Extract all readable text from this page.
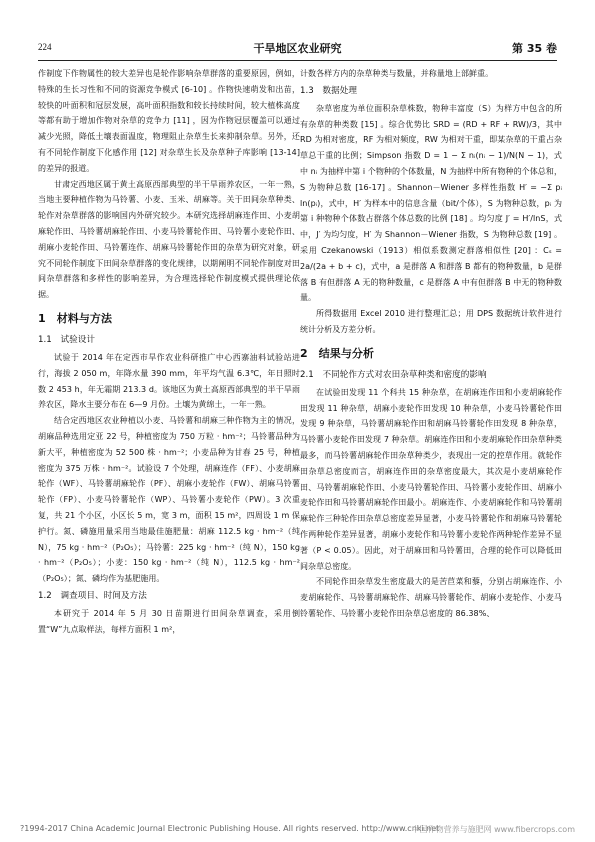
224	干旱地区农业研究	第 35 卷

作制度下作物属性的较大差异也是轮作影响杂草群落的重要原因，例如，特殊的生长习性和不同的资源竞争模式 [6-10] 。作物快速萌发和出苗，较快的叶面积和冠层发展，高叶面积指数和较长持续时间，较大植株高度等都有助于增加作物对杂草的竞争力 [11] ，因为作物冠层覆盖可以通过减少光照，降低土壤表面温度，物理阻止杂草生长来抑制杂草。另外，还有不同轮作制度下化感作用 [12] 对杂草生长及杂草种子库影响 [13-14] 的差异的报道。

甘肃定西地区属于黄土高原西部典型的半干旱雨养农区，一年一熟，当地主要种植作物为马铃薯、小麦、玉米、胡麻等。关于田间杂草种类、轮作对杂草群落的影响国内外研究较少。本研究选择胡麻连作田、小麦胡麻轮作田、马铃薯胡麻轮作田、小麦马铃薯轮作田、马铃薯小麦轮作田、胡麻小麦轮作田、马铃薯连作、胡麻马铃薯轮作田的杂草为研究对象，研究不同轮作制度下田间杂草群落的变化规律，以期阐明不同轮作制度对田间杂草群落和多样性的影响差异，为合理选择轮作制度模式提供理论依据。

1　材料与方法
1.1　试验设计

试验于 2014 年在定西市旱作农业科研推广中心西寨油料试验站进行，海拔 2 050 m，年降水量 390 mm，年平均气温 6.3℃，年日照时数 2 453 h，年无霜期 213.3 d。该地区为黄土高原西部典型的半干旱雨养农区，降水主要分布在 6—9 月份。土壤为黄绵土，一年一熟。

结合定西地区农业种植以小麦、马铃薯和胡麻三种作物为主的情况，胡麻品种选用定亚 22 号，种植密度为 750 万粒 · hm⁻²；马铃薯品种为新大平，种植密度为 52 500 株 · hm⁻²；小麦品种为甘春 25 号，种植密度为 375 万株 · hm⁻²。试验设 7 个处理，胡麻连作（FF）、小麦胡麻轮作（WF）、马铃薯胡麻轮作（PF）、胡麻小麦轮作（FW）、胡麻马铃薯轮作（FP）、小麦马铃薯轮作（WP）、马铃薯小麦轮作（PW）。3 次重复，共 21 个小区，小区长 5 m，宽 3 m，面积 15 m²，四周设 1 m 保护行。氮、磷施用量采用当地最佳施肥量：胡麻 112.5 kg · hm⁻²（纯 N），75 kg · hm⁻²（P₂O₅）；马铃薯：225 kg · hm⁻²（纯 N），150 kg · hm⁻²（P₂O₅）；小麦：150 kg · hm⁻²（纯 N），112.5 kg · hm⁻²（P₂O₅）；氮、磷均作为基肥施用。

1.2　调查项目、时间及方法

本研究于 2014 年 5 月 30 日苗期进行田间杂草调查，采用倒置“W”九点取样法，每样方面积 1 m²，

计数各样方内的杂草种类与数量，并称量地上部鲜重。

1.3　数据处理

杂草密度为单位面积杂草株数，物种丰富度（S）为样方中包含的所有杂草的种类数 [15] 。综合优势比 SRD = (RD + RF + RW)/3，其中 RD 为相对密度，RF 为相对频度，RW 为相对干重，即某杂草的干重占杂草总干重的比例；Simpson 指数 D = 1 − Σ nᵢ(nᵢ − 1)/N(N − 1)，式中 nᵢ 为抽样中第 i 个物种的个体数量，N 为抽样中所有物种的个体总和，S 为物种总数 [16-17] 。Shannon－Wiener 多样性指数 H′ = −Σ pᵢ ln(pᵢ)，式中，H′ 为样本中的信息含量（bit/个体），S 为物种总数，pᵢ 为第 i 种物种个体数占群落个体总数的比例 [18] 。均匀度 J′ = H′/lnS，式中，J′ 为均匀度，H′ 为 Shannon－Wiener 指数，S 为物种总数 [19] 。采用 Czekanowski（1913）相似系数测定群落相似性 [20] ：Cₛ = 2a/(2a + b + c)，式中，a 是群落 A 和群落 B 都有的物种数量，b 是群落 B 有但群落 A 无的物种数量，c 是群落 A 中有但群落 B 中无的物种数量。

所得数据用 Excel 2010 进行整理汇总；用 DPS 数据统计软件进行统计分析及方差分析。

2　结果与分析
2.1　不同轮作方式对农田杂草种类和密度的影响

在试验田发现 11 个科共 15 种杂草，在胡麻连作田和小麦胡麻轮作田发现 11 种杂草，胡麻小麦轮作田发现 10 种杂草，小麦马铃薯轮作田发现 9 种杂草，马铃薯胡麻轮作田和胡麻马铃薯轮作田发现 8 种杂草，马铃薯小麦轮作田发现 7 种杂草。胡麻连作田和小麦胡麻轮作田杂草种类最多，而马铃薯胡麻轮作田杂草种类少，表现出一定的控草作用。就轮作田杂草总密度而言，胡麻连作田的杂草密度最大，其次是小麦胡麻轮作田、马铃薯胡麻轮作田、小麦马铃薯轮作田、马铃薯小麦轮作田、胡麻小麦轮作田和马铃薯胡麻轮作田最小。胡麻连作、小麦胡麻轮作和马铃薯胡麻轮作三种轮作田杂草总密度差异显著，小麦马铃薯轮作和胡麻马铃薯轮作两种轮作差异显著，胡麻小麦轮作和马铃薯小麦轮作两种轮作差异不显著（P < 0.05）。因此，对于胡麻田和马铃薯田，合理的轮作可以降低田间杂草总密度。

不同轮作田杂草发生密度最大的是苦苣菜和藜，分别占胡麻连作、小麦胡麻轮作、马铃薯胡麻轮作、胡麻马铃薯轮作、胡麻小麦轮作、小麦马铃薯轮作、马铃薯小麦轮作田杂草总密度的 86.38%、

?1994-2017 China Academic Journal Electronic Publishing House. All rights reserved. http://www.cnki.net
中国作物营养与施肥网 www.fibercrops.com
